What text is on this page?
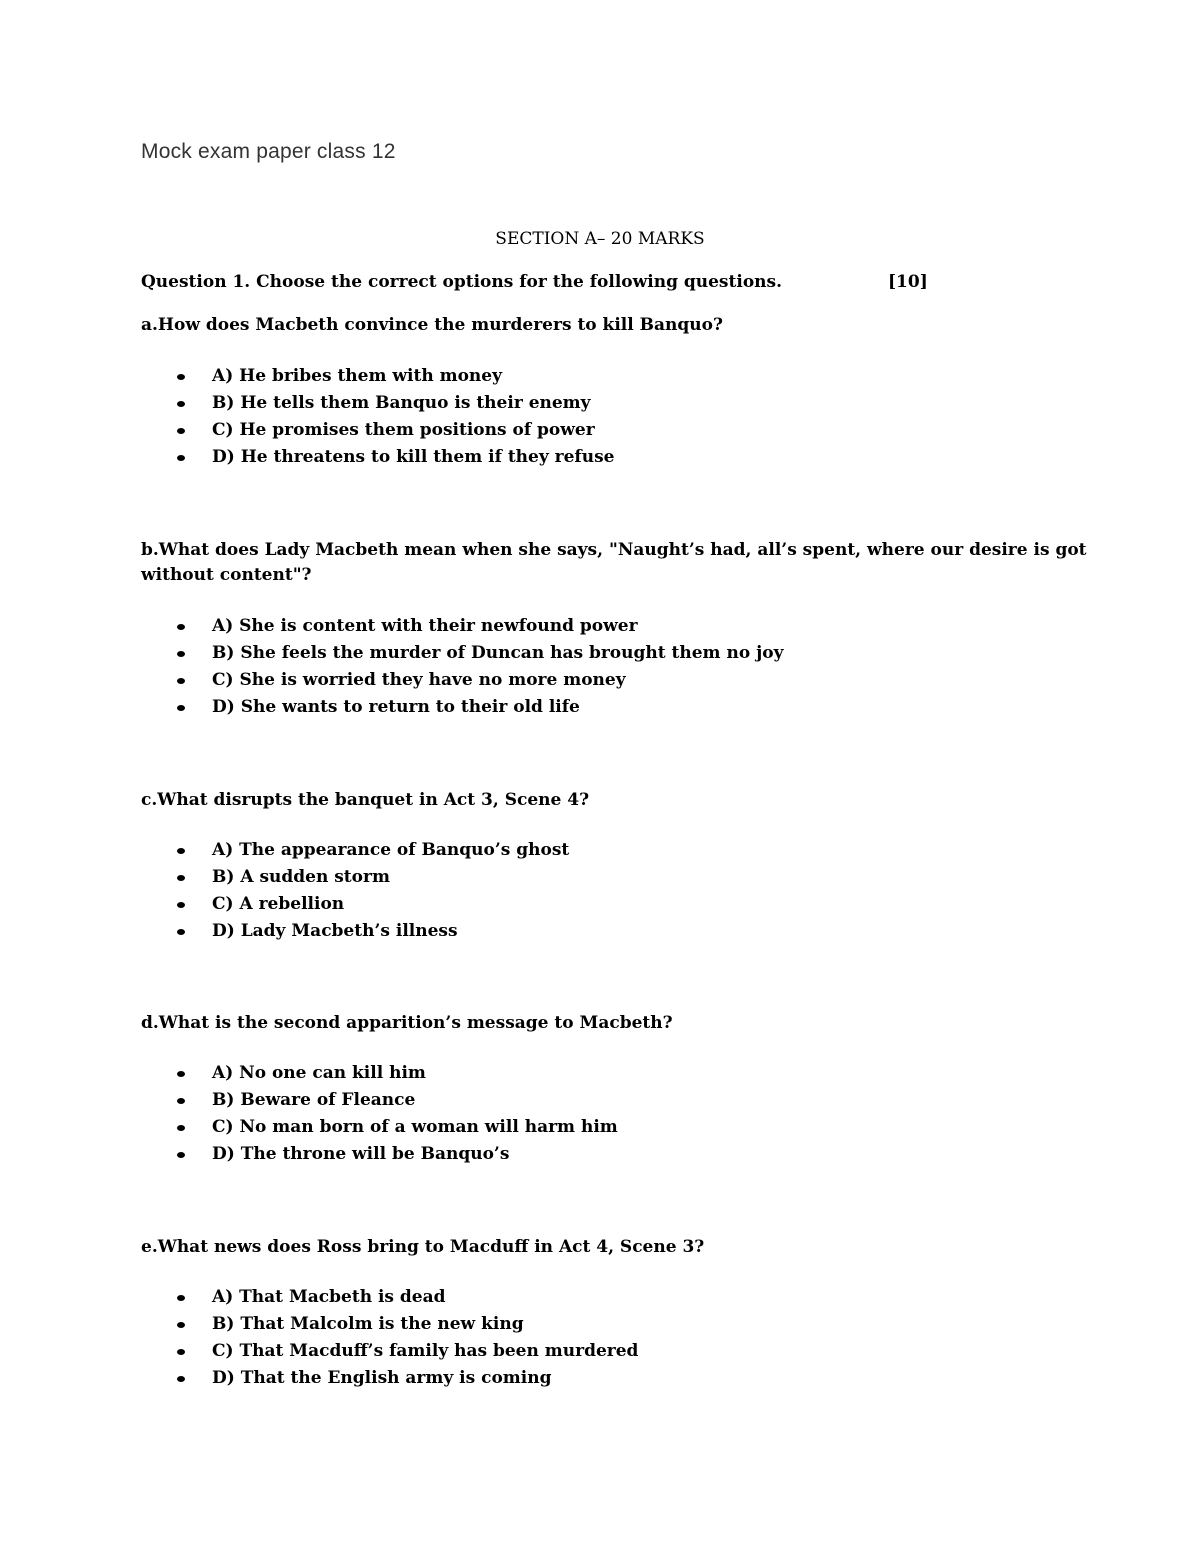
Mock exam paper class 12
SECTION A– 20 MARKS
Question 1. Choose the correct options for the following questions.	[10]
a.How does Macbeth convince the murderers to kill Banquo?
A) He bribes them with money
B) He tells them Banquo is their enemy
C) He promises them positions of power
D) He threatens to kill them if they refuse
b.What does Lady Macbeth mean when she says, "Naught’s had, all’s spent, where our desire is got without content"?
A) She is content with their newfound power
B) She feels the murder of Duncan has brought them no joy
C) She is worried they have no more money
D) She wants to return to their old life
c.What disrupts the banquet in Act 3, Scene 4?
A) The appearance of Banquo’s ghost
B) A sudden storm
C) A rebellion
D) Lady Macbeth’s illness
d.What is the second apparition’s message to Macbeth?
A) No one can kill him
B) Beware of Fleance
C) No man born of a woman will harm him
D) The throne will be Banquo’s
e.What news does Ross bring to Macduff in Act 4, Scene 3?
A) That Macbeth is dead
B) That Malcolm is the new king
C) That Macduff’s family has been murdered
D) That the English army is coming
